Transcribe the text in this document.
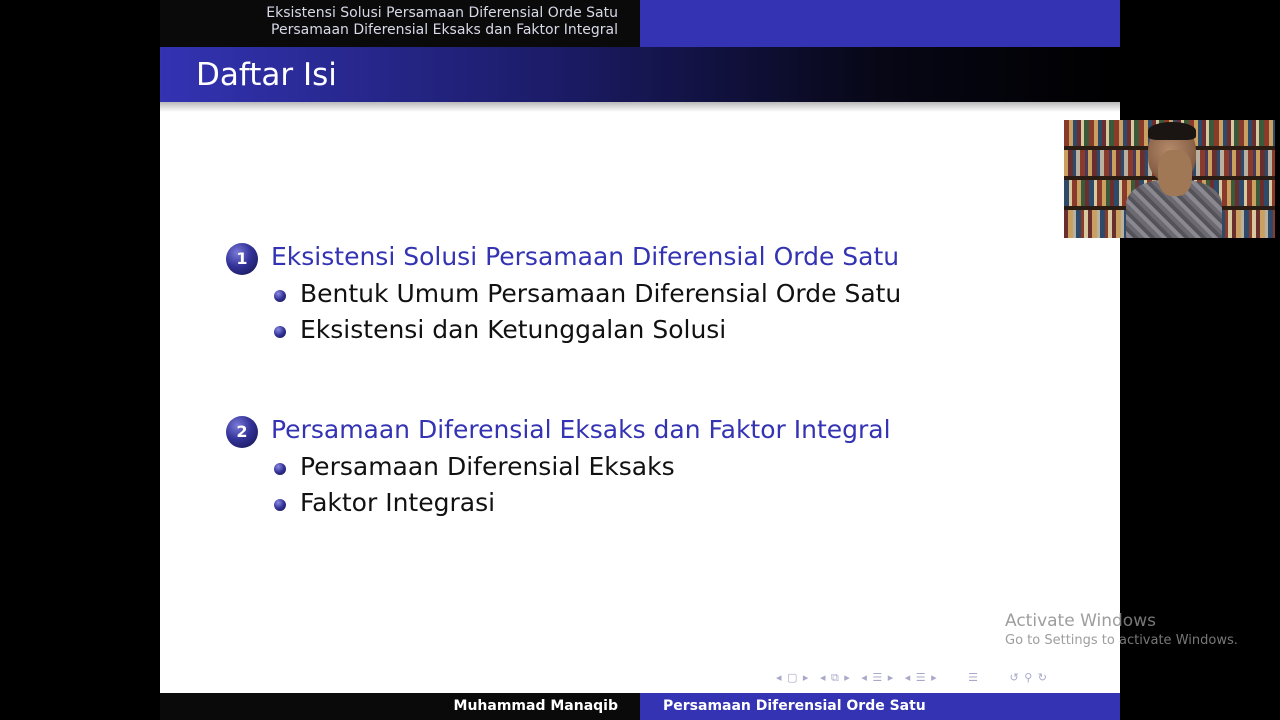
Eksistensi Solusi Persamaan Diferensial Orde Satu
Persamaan Diferensial Eksaks dan Faktor Integral
Daftar Isi
1 Eksistensi Solusi Persamaan Diferensial Orde Satu
Bentuk Umum Persamaan Diferensial Orde Satu
Eksistensi dan Ketunggalan Solusi
2 Persamaan Diferensial Eksaks dan Faktor Integral
Persamaan Diferensial Eksaks
Faktor Integrasi
◂ ▢ ▸ ◂ ⧉ ▸ ◂ ☰ ▸ ◂ ☰ ▸	☰	↺ ⚲ ↻
Muhammad Manaqib	Persamaan Diferensial Orde Satu
Activate Windows
Go to Settings to activate Windows.
